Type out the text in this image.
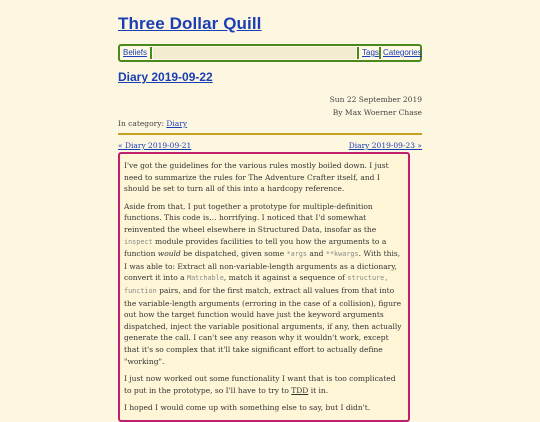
Three Dollar Quill
Beliefs	Tags Categories
Diary 2019-09-22
Sun 22 September 2019
By Max Woerner Chase
In category: Diary
« Diary 2019-09-21	Diary 2019-09-23 »

I've got the guidelines for the various rules mostly boiled down. I just need to summarize the rules for The Adventure Crafter itself, and I should be set to turn all of this into a hardcopy reference.

Aside from that, I put together a prototype for multiple-definition functions. This code is… horrifying. I noticed that I'd somewhat reinvented the wheel elsewhere in Structured Data, insofar as the inspect module provides facilities to tell you how the arguments to a function would be dispatched, given some *args and **kwargs. With this, I was able to: Extract all non-variable-length arguments as a dictionary, convert it into a Matchable, match it against a sequence of structure, function pairs, and for the first match, extract all values from that into the variable-length arguments (erroring in the case of a collision), figure out how the target function would have just the keyword arguments dispatched, inject the variable positional arguments, if any, then actually generate the call. I can't see any reason why it wouldn't work, except that it's so complex that it'll take significant effort to actually define "working".

I just now worked out some functionality I want that is too complicated to put in the prototype, so I'll have to try to TDD it in.

I hoped I would come up with something else to say, but I didn't.
